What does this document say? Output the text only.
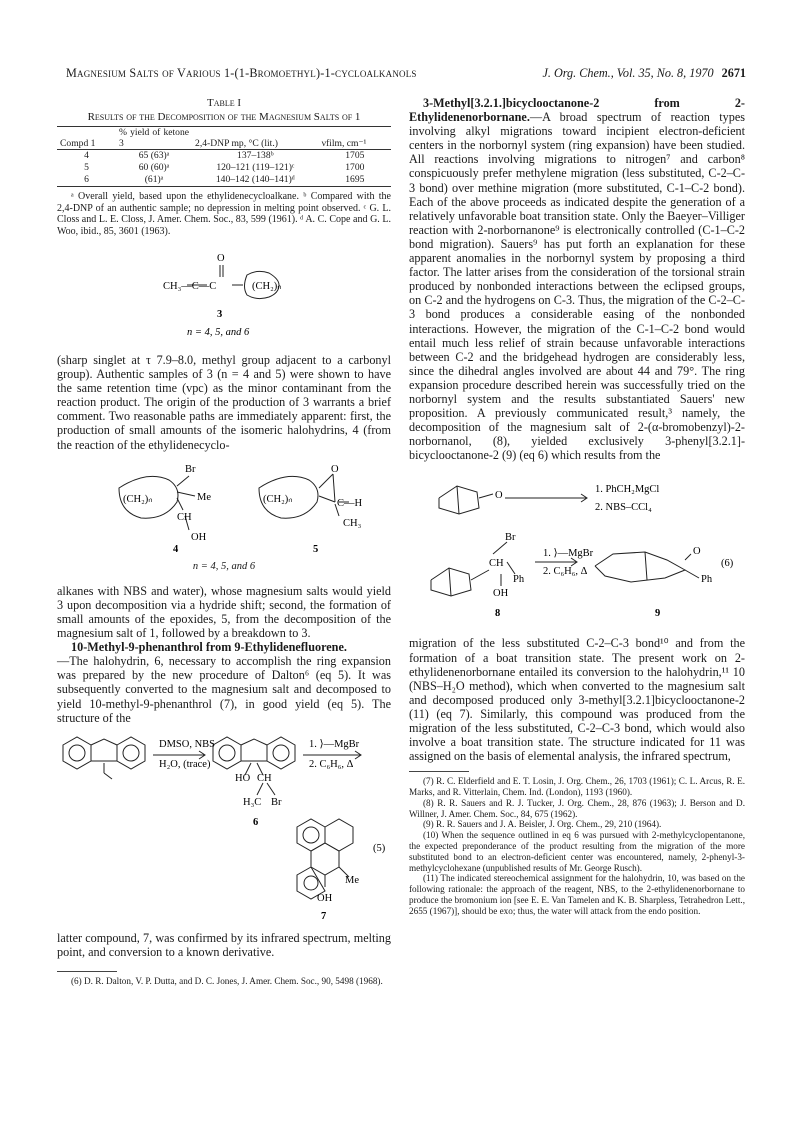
Magnesium Salts of Various 1-(1-Bromoethyl)-1-cycloalkanols	J. Org. Chem., Vol. 35, No. 8, 1970 2671
Table I
Results of the Decomposition of the Magnesium Salts of 1
Compd 1	% yield of ketone 3	2,4-DNP mp, °C (lit.)	νfilm, cm⁻¹

4	65 (63)ᵃ	137–138ᵇ	1705
5	60 (60)ᵃ	120–121 (119–121)ᶜ	1700
6	(61)ᵃ	140–142 (140–141)ᵈ	1695

ᵃ Overall yield, based upon the ethylidenecycloalkane. ᵇ Compared with the 2,4-DNP of an authentic sample; no depression in melting point observed. ᶜ G. L. Closs and L. E. Closs, J. Amer. Chem. Soc., 83, 599 (1961). ᵈ A. C. Cope and G. L. Woo, ibid., 85, 3601 (1963).

O
CH₃—C—C	(CH₂)ₙ
3
n = 4, 5, and 6

(sharp singlet at τ 7.9–8.0, methyl group adjacent to a carbonyl group). Authentic samples of 3 (n = 4 and 5) were shown to have the same retention time (vpc) as the minor contaminant from the reaction product. The origin of the production of 3 warrants a brief comment. Two reasonable paths are immediately apparent: first, the production of small amounts of the isomeric halohydrins, 4 (from the reaction of the ethylidenecyclo-

(CH₂)ₙ
Br
Me
CH
OH
(CH₂)ₙ
O
C—H
CH₃
4	5
n = 4, 5, and 6

alkanes with NBS and water), whose magnesium salts would yield 3 upon decomposition via a hydride shift; second, the formation of small amounts of the epoxides, 5, from the decomposition of the magnesium salt of 1, followed by a breakdown to 3.

10-Methyl-9-phenanthrol from 9-Ethylidenefluorene.

—The halohydrin, 6, necessary to accomplish the ring expansion was prepared by the new procedure of Dalton⁶ (eq 5). It was subsequently converted to the magnesium salt and decomposed to yield 10-methyl-9-phenanthrol (7), in good yield (eq 5). The structure of the

DMSO, NBS
H₂O, (trace)
1. ⟩—MgBr
2. C₆H₆, Δ
HO CH
H₃C Br
6
Me
OH
(5)
7

latter compound, 7, was confirmed by its infrared spectrum, melting point, and conversion to a known derivative.

(6) D. R. Dalton, V. P. Dutta, and D. C. Jones, J. Amer. Chem. Soc., 90, 5498 (1968).

3-Methyl[3.2.1.]bicyclooctanone-2 from 2-Ethylidenenorbornane.—A broad spectrum of reaction types involving alkyl migrations toward incipient electron-deficient centers in the norbornyl system (ring expansion) have been studied. All reactions involving migrations to nitrogen⁷ and carbon⁸ conspicuously prefer methylene migration (less substituted, C-2–C-3 bond) over methine migration (more substituted, C-1–C-2 bond). Each of the above proceeds as indicated despite the generation of a relatively unfavorable boat transition state. Only the Baeyer–Villiger reaction with 2-norbornanone⁹ is electronically controlled (C-1–C-2 bond migration). Sauers⁹ has put forth an explanation for these apparent anomalies in the norbornyl system by proposing a third factor. The latter arises from the consideration of the torsional strain produced by nonbonded interactions between the eclipsed groups, on C-2 and the hydrogens on C-3. Thus, the migration of the C-2–C-3 bond produces a considerable easing of the nonbonded interactions. However, the migration of the C-1–C-2 bond would entail much less relief of strain because unfavorable interactions between C-2 and the bridgehead hydrogen are considerably less, since the dihedral angles involved are about 44 and 79°. The ring expansion procedure described herein was successfully tried on the norbornyl system and the results substantiated Sauers' new proposition. A previously communicated result,³ namely, the decomposition of the magnesium salt of 2-(α-bromobenzyl)-2-norbornanol, (8), yielded exclusively 3-phenyl[3.2.1]-bicyclooctanone-2 (9) (eq 6) which results from the

O
1. PhCH₂MgCl
2. NBS–CCl₄
Br
CH
Ph
OH
1. ⟩—MgBr
2. C₆H₆, Δ
O
Ph
(6)
8	9

migration of the less substituted C-2–C-3 bond¹⁰ and from the formation of a boat transition state. The present work on 2-ethylidenenorbornane entailed its conversion to the halohydrin,¹¹ 10 (NBS–H₂O method), which when converted to the magnesium salt and decomposed produced only 3-methyl[3.2.1]bicyclooctanone-2 (11) (eq 7). Similarly, this compound was produced from the migration of the less substituted, C-2–C-3 bond, which would also involve a boat transition state. The structure indicated for 11 was assigned on the basis of elemental analysis, the infrared spectrum,

(7) R. C. Elderfield and E. T. Losin, J. Org. Chem., 26, 1703 (1961); C. L. Arcus, R. E. Marks, and R. Vitterlain, Chem. Ind. (London), 1193 (1960).

(8) R. R. Sauers and R. J. Tucker, J. Org. Chem., 28, 876 (1963); J. Berson and D. Willner, J. Amer. Chem. Soc., 84, 675 (1962).

(9) R. R. Sauers and J. A. Beisler, J. Org. Chem., 29, 210 (1964).

(10) When the sequence outlined in eq 6 was pursued with 2-methylcyclopentanone, the expected preponderance of the product resulting from the migration of the more substituted bond to an electron-deficient center was encountered, namely, 2-phenyl-3-methylcyclohexane (unpublished results of Mr. George Rusch).

(11) The indicated stereochemical assignment for the halohydrin, 10, was based on the following rationale: the approach of the reagent, NBS, to the 2-ethylidenenorbornane to produce the bromonium ion [see E. E. Van Tamelen and K. B. Sharpless, Tetrahedron Lett., 2655 (1967)], should be exo; thus, the water will attack from the endo position.
